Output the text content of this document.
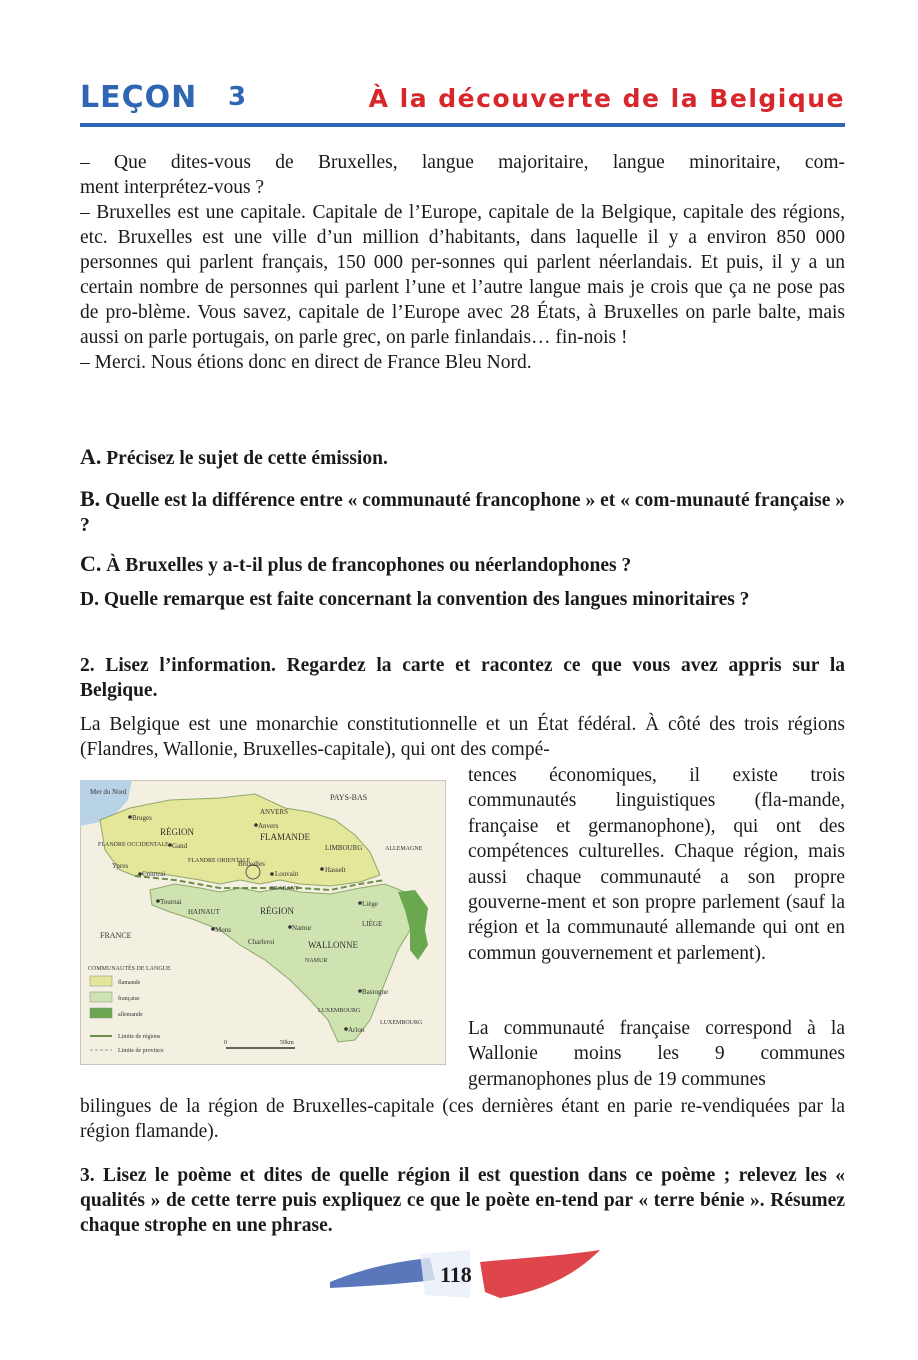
LEÇON 3	À la découverte de la Belgique

– Que dites-vous de Bruxelles, langue majoritaire, langue minoritaire, com-

ment interprétez-vous ?

– Bruxelles est une capitale. Capitale de l’Europe, capitale de la Belgique, capitale des régions, etc. Bruxelles est une ville d’un million d’habitants, dans laquelle il y a environ 850 000 personnes qui parlent français, 150 000 per-sonnes qui parlent néerlandais. Et puis, il y a un certain nombre de personnes qui parlent l’une et l’autre langue mais je crois que ça ne pose pas de pro-blème. Vous savez, capitale de l’Europe avec 28 États, à Bruxelles on parle balte, mais aussi on parle portugais, on parle grec, on parle finlandais… fin-nois !

– Merci. Nous étions donc en direct de France Bleu Nord.

A. Précisez le sujet de cette émission.
B. Quelle est la différence entre « communauté francophone » et « com-munauté française » ?
C. À Bruxelles y a-t-il plus de francophones ou néerlandophones ?
D. Quelle remarque est faite concernant la convention des langues minoritaires ?
2. Lisez l’information. Regardez la carte et racontez ce que vous avez appris sur la Belgique.
La Belgique est une monarchie constitutionnelle et un État fédéral. À côté des trois régions (Flandres, Wallonie, Bruxelles-capitale), qui ont des compé-
tences économiques, il existe trois communautés linguistiques (fla-mande, française et germanophone), qui ont des compétences culturelles. Chaque région, mais aussi chaque communauté a son propre gouverne-ment et son propre parlement (sauf la région et la communauté allemande qui ont en commun gouvernement et parlement).
La communauté française correspond à la Wallonie moins les 9 communes germanophones plus de 19 communes
bilingues de la région de Bruxelles-capitale (ces dernières étant en parie re-vendiquées par la région flamande).
Mer du Nord
PAYS-BAS
Bruges
ANVERS
Anvers
RÉGION	FLAMANDE
FLANDRE OCCIDENTALE Gand
FLANDRE ORIENTALE
Ypres
Courtrai
LIMBOURG
Hasselt
ALLEMAGNE
Bruxelles
Louvain
BRABANT
Tournai
HAINAUT	RÉGION
Liège
LIÈGE
FRANCE
Mons	Namur
Charleroi	WALLONNE
NAMUR
Bastogne
LUXEMBOURG
LUXEMBOURG
Arlon
COMMUNAUTÉS DE LANGUE
flamande
française
allemande
Limite de régions
Limite de province
0	50km
3. Lisez le poème et dites de quelle région il est question dans ce poème ; relevez les « qualités » de cette terre puis expliquez ce que le poète en-tend par « terre bénie ». Résumez chaque strophe en une phrase.
118
